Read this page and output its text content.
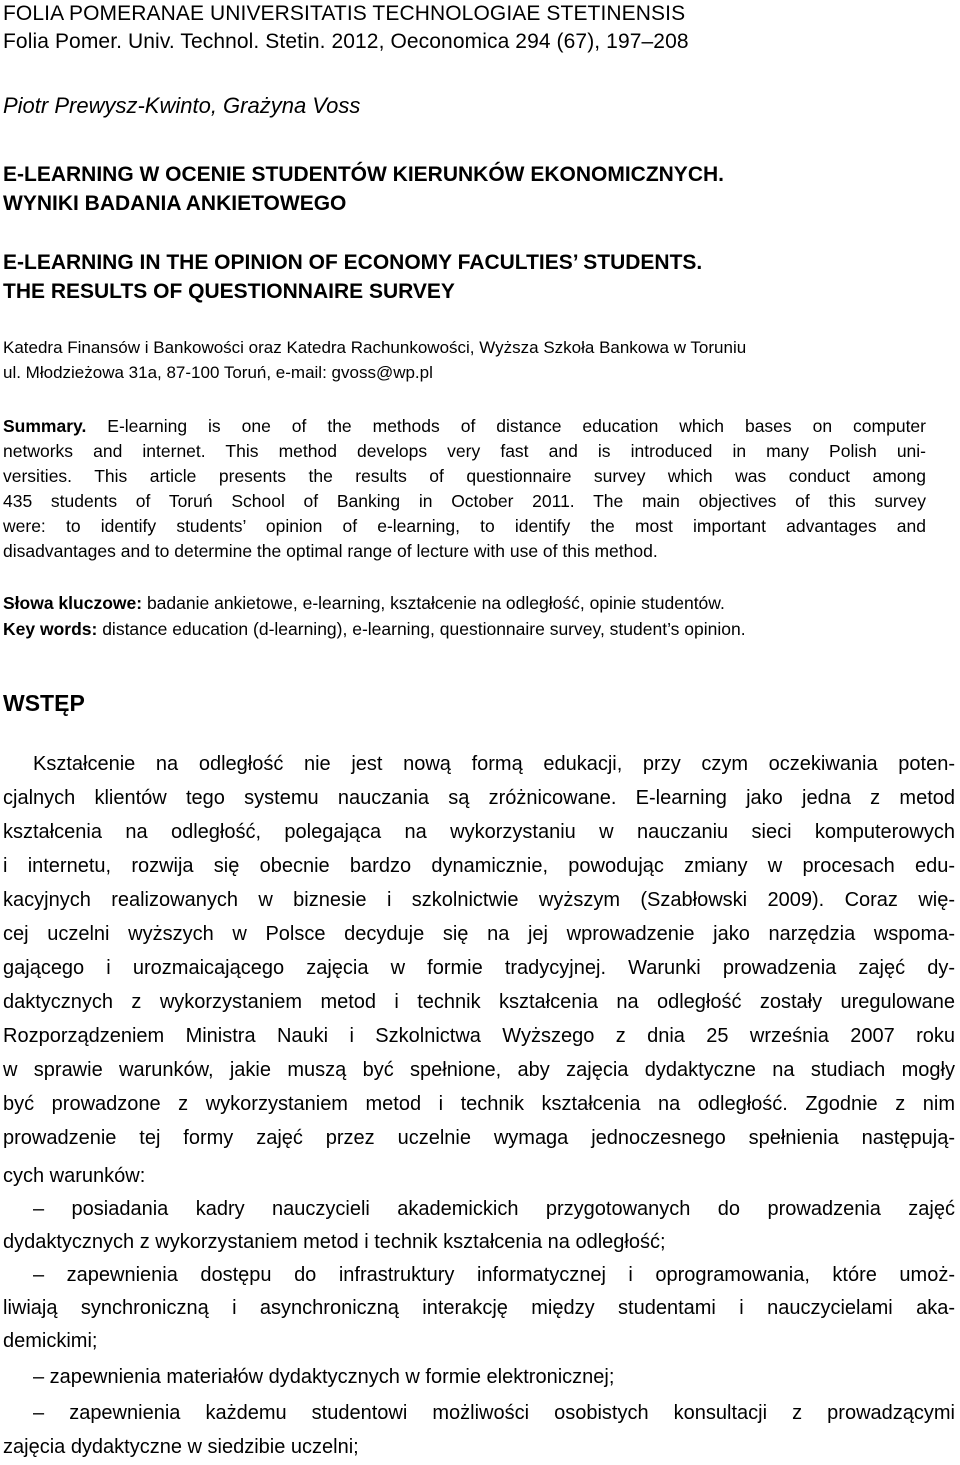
FOLIA POMERANAE UNIVERSITATIS TECHNOLOGIAE STETINENSIS
Folia Pomer. Univ. Technol. Stetin. 2012, Oeconomica 294 (67), 197–208
Piotr Prewysz-Kwinto, Grażyna Voss
E-LEARNING W OCENIE STUDENTÓW KIERUNKÓW EKONOMICZNYCH.
WYNIKI BADANIA ANKIETOWEGO
E-LEARNING IN THE OPINION OF ECONOMY FACULTIES’ STUDENTS.
THE RESULTS OF QUESTIONNAIRE SURVEY
Katedra Finansów i Bankowości oraz Katedra Rachunkowości, Wyższa Szkoła Bankowa w Toruniu
ul. Młodzieżowa 31a, 87-100 Toruń, e-mail: gvoss@wp.pl
Summary. E-learning is one of the methods of distance education which bases on computer
networks and internet. This method develops very fast and is introduced in many Polish uni-
versities. This article presents the results of questionnaire survey which was conduct among
435 students of Toruń School of Banking in October 2011. The main objectives of this survey
were: to identify students’ opinion of e-learning, to identify the most important advantages and
disadvantages and to determine the optimal range of lecture with use of this method.
Słowa kluczowe: badanie ankietowe, e-learning, kształcenie na odległość, opinie studentów.
Key words: distance education (d-learning), e-learning, questionnaire survey, student’s opinion.
WSTĘP
Kształcenie na odległość nie jest nową formą edukacji, przy czym oczekiwania poten-
cjalnych klientów tego systemu nauczania są zróżnicowane. E-learning jako jedna z metod
kształcenia na odległość, polegająca na wykorzystaniu w nauczaniu sieci komputerowych
i internetu, rozwija się obecnie bardzo dynamicznie, powodując zmiany w procesach edu-
kacyjnych realizowanych w biznesie i szkolnictwie wyższym (Szabłowski 2009). Coraz wię-
cej uczelni wyższych w Polsce decyduje się na jej wprowadzenie jako narzędzia wspoma-
gającego i urozmaicającego zajęcia w formie tradycyjnej. Warunki prowadzenia zajęć dy-
daktycznych z wykorzystaniem metod i technik kształcenia na odległość zostały uregulowane
Rozporządzeniem Ministra Nauki i Szkolnictwa Wyższego z dnia 25 września 2007 roku
w sprawie warunków, jakie muszą być spełnione, aby zajęcia dydaktyczne na studiach mogły
być prowadzone z wykorzystaniem metod i technik kształcenia na odległość. Zgodnie z nim
prowadzenie tej formy zajęć przez uczelnie wymaga jednoczesnego spełnienia następują-
cych warunków:
– posiadania kadry nauczycieli akademickich przygotowanych do prowadzenia zajęć
dydaktycznych z wykorzystaniem metod i technik kształcenia na odległość;
– zapewnienia dostępu do infrastruktury informatycznej i oprogramowania, które umoż-
liwiają synchroniczną i asynchroniczną interakcję między studentami i nauczycielami aka-
demickimi;
– zapewnienia materiałów dydaktycznych w formie elektronicznej;
– zapewnienia każdemu studentowi możliwości osobistych konsultacji z prowadzącymi
zajęcia dydaktyczne w siedzibie uczelni;
